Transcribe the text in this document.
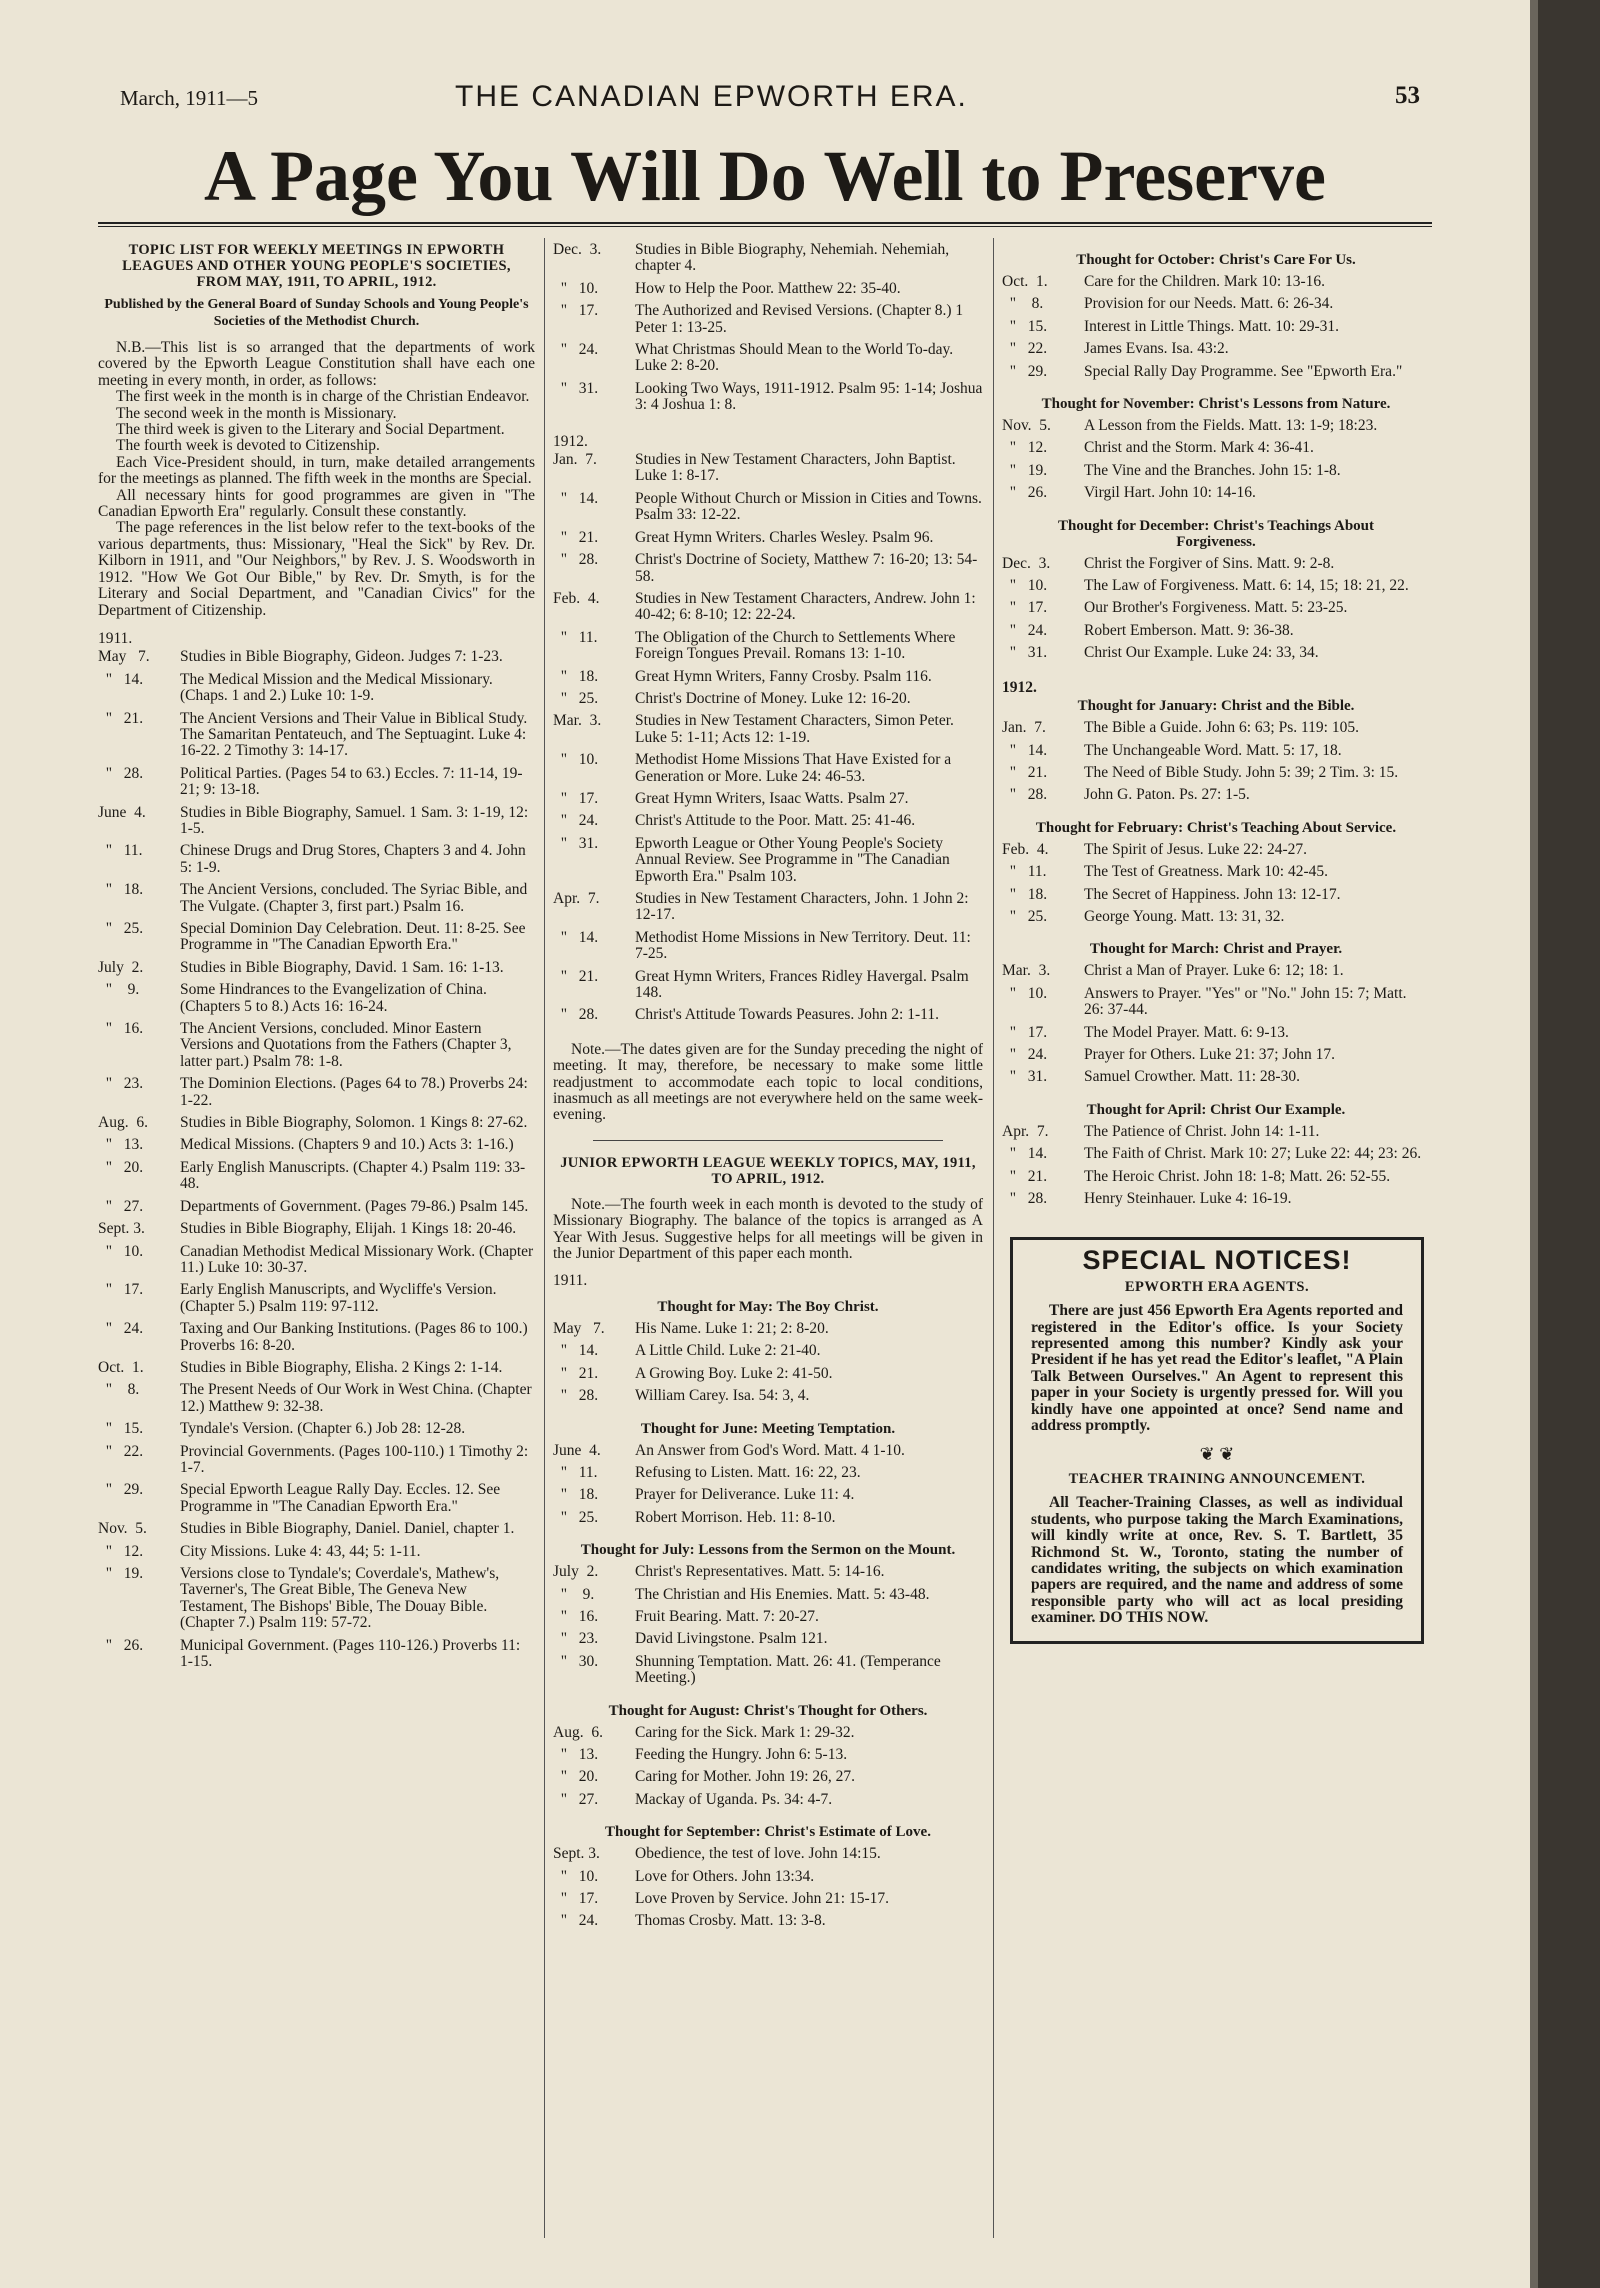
March, 1911—5	THE CANADIAN EPWORTH ERA.	53
A Page You Will Do Well to Preserve
TOPIC LIST FOR WEEKLY MEETINGS IN EPWORTH LEAGUES AND OTHER YOUNG PEOPLE'S SOCIETIES, FROM MAY, 1911, TO APRIL, 1912.
Published by the General Board of Sunday Schools and Young People's Societies of the Methodist Church.

N.B.—This list is so arranged that the departments of work covered by the Epworth League Constitution shall have each one meeting in every month, in order, as follows:

The first week in the month is in charge of the Christian Endeavor.

The second week in the month is Missionary.

The third week is given to the Literary and Social Department.

The fourth week is devoted to Citizenship.

Each Vice-President should, in turn, make detailed arrangements for the meetings as planned. The fifth week in the months are Special.

All necessary hints for good programmes are given in "The Canadian Epworth Era" regularly. Consult these constantly.

The page references in the list below refer to the text-books of the various departments, thus: Missionary, "Heal the Sick" by Rev. Dr. Kilborn in 1911, and "Our Neighbors," by Rev. J. S. Woodsworth in 1912. "How We Got Our Bible," by Rev. Dr. Smyth, is for the Literary and Social Department, and "Canadian Civics" for the Department of Citizenship.

1911.
May   7.	Studies in Bible Biography, Gideon. Judges 7: 1-23.
"   14.	The Medical Mission and the Medical Missionary. (Chaps. 1 and 2.) Luke 10: 1-9.
"   21.	The Ancient Versions and Their Value in Biblical Study. The Samaritan Pentateuch, and The Septuagint. Luke 4: 16-22. 2 Timothy 3: 14-17.
"   28.	Political Parties. (Pages 54 to 63.) Eccles. 7: 11-14, 19-21; 9: 13-18.
June  4.	Studies in Bible Biography, Samuel. 1 Sam. 3: 1-19, 12: 1-5.
"   11.	Chinese Drugs and Drug Stores, Chapters 3 and 4. John 5: 1-9.
"   18.	The Ancient Versions, concluded. The Syriac Bible, and The Vulgate. (Chapter 3, first part.) Psalm 16.
"   25.	Special Dominion Day Celebration. Deut. 11: 8-25. See Programme in "The Canadian Epworth Era."
July  2.	Studies in Bible Biography, David. 1 Sam. 16: 1-13.
"    9.	Some Hindrances to the Evangelization of China. (Chapters 5 to 8.) Acts 16: 16-24.
"   16.	The Ancient Versions, concluded. Minor Eastern Versions and Quotations from the Fathers (Chapter 3, latter part.) Psalm 78: 1-8.
"   23.	The Dominion Elections. (Pages 64 to 78.) Proverbs 24: 1-22.
Aug.  6.	Studies in Bible Biography, Solomon. 1 Kings 8: 27-62.
"   13.	Medical Missions. (Chapters 9 and 10.) Acts 3: 1-16.)
"   20.	Early English Manuscripts. (Chapter 4.) Psalm 119: 33-48.
"   27.	Departments of Government. (Pages 79-86.) Psalm 145.
Sept. 3.	Studies in Bible Biography, Elijah. 1 Kings 18: 20-46.
"   10.	Canadian Methodist Medical Missionary Work. (Chapter 11.) Luke 10: 30-37.
"   17.	Early English Manuscripts, and Wycliffe's Version. (Chapter 5.) Psalm 119: 97-112.
"   24.	Taxing and Our Banking Institutions. (Pages 86 to 100.) Proverbs 16: 8-20.
Oct.  1.	Studies in Bible Biography, Elisha. 2 Kings 2: 1-14.
"    8.	The Present Needs of Our Work in West China. (Chapter 12.) Matthew 9: 32-38.
"   15.	Tyndale's Version. (Chapter 6.) Job 28: 12-28.
"   22.	Provincial Governments. (Pages 100-110.) 1 Timothy 2: 1-7.
"   29.	Special Epworth League Rally Day. Eccles. 12. See Programme in "The Canadian Epworth Era."
Nov.  5.	Studies in Bible Biography, Daniel. Daniel, chapter 1.
"   12.	City Missions. Luke 4: 43, 44; 5: 1-11.
"   19.	Versions close to Tyndale's; Coverdale's, Mathew's, Taverner's, The Great Bible, The Geneva New Testament, The Bishops' Bible, The Douay Bible. (Chapter 7.) Psalm 119: 57-72.
"   26.	Municipal Government. (Pages 110-126.) Proverbs 11: 1-15.
Dec.  3.	Studies in Bible Biography, Nehemiah. Nehemiah, chapter 4.
"   10.	How to Help the Poor. Matthew 22: 35-40.
"   17.	The Authorized and Revised Versions. (Chapter 8.) 1 Peter 1: 13-25.
"   24.	What Christmas Should Mean to the World To-day. Luke 2: 8-20.
"   31.	Looking Two Ways, 1911-1912. Psalm 95: 1-14; Joshua 3: 4 Joshua 1: 8.
1912.
Jan.  7.	Studies in New Testament Characters, John Baptist. Luke 1: 8-17.
"   14.	People Without Church or Mission in Cities and Towns. Psalm 33: 12-22.
"   21.	Great Hymn Writers. Charles Wesley. Psalm 96.
"   28.	Christ's Doctrine of Society, Matthew 7: 16-20; 13: 54-58.
Feb.  4.	Studies in New Testament Characters, Andrew. John 1: 40-42; 6: 8-10; 12: 22-24.
"   11.	The Obligation of the Church to Settlements Where Foreign Tongues Prevail. Romans 13: 1-10.
"   18.	Great Hymn Writers, Fanny Crosby. Psalm 116.
"   25.	Christ's Doctrine of Money. Luke 12: 16-20.
Mar.  3.	Studies in New Testament Characters, Simon Peter. Luke 5: 1-11; Acts 12: 1-19.
"   10.	Methodist Home Missions That Have Existed for a Generation or More. Luke 24: 46-53.
"   17.	Great Hymn Writers, Isaac Watts. Psalm 27.
"   24.	Christ's Attitude to the Poor. Matt. 25: 41-46.
"   31.	Epworth League or Other Young People's Society Annual Review. See Programme in "The Canadian Epworth Era." Psalm 103.
Apr.  7.	Studies in New Testament Characters, John. 1 John 2: 12-17.
"   14.	Methodist Home Missions in New Territory. Deut. 11: 7-25.
"   21.	Great Hymn Writers, Frances Ridley Havergal. Psalm 148.
"   28.	Christ's Attitude Towards Peasures. John 2: 1-11.

Note.—The dates given are for the Sunday preceding the night of meeting. It may, therefore, be necessary to make some little readjustment to accommodate each topic to local conditions, inasmuch as all meetings are not everywhere held on the same week-evening.

JUNIOR EPWORTH LEAGUE WEEKLY TOPICS, MAY, 1911, TO APRIL, 1912.

Note.—The fourth week in each month is devoted to the study of Missionary Biography. The balance of the topics is arranged as A Year With Jesus. Suggestive helps for all meetings will be given in the Junior Department of this paper each month.

1911.
Thought for May: The Boy Christ.
May   7.	His Name. Luke 1: 21; 2: 8-20.
"   14.	A Little Child. Luke 2: 21-40.
"   21.	A Growing Boy. Luke 2: 41-50.
"   28.	William Carey. Isa. 54: 3, 4.
Thought for June: Meeting Temptation.
June  4.	An Answer from God's Word. Matt. 4 1-10.
"   11.	Refusing to Listen. Matt. 16: 22, 23.
"   18.	Prayer for Deliverance. Luke 11: 4.
"   25.	Robert Morrison. Heb. 11: 8-10.
Thought for July: Lessons from the Sermon on the Mount.
July  2.	Christ's Representatives. Matt. 5: 14-16.
"    9.	The Christian and His Enemies. Matt. 5: 43-48.
"   16.	Fruit Bearing. Matt. 7: 20-27.
"   23.	David Livingstone. Psalm 121.
"   30.	Shunning Temptation. Matt. 26: 41. (Temperance Meeting.)
Thought for August: Christ's Thought for Others.
Aug.  6.	Caring for the Sick. Mark 1: 29-32.
"   13.	Feeding the Hungry. John 6: 5-13.
"   20.	Caring for Mother. John 19: 26, 27.
"   27.	Mackay of Uganda. Ps. 34: 4-7.
Thought for September: Christ's Estimate of Love.
Sept. 3.	Obedience, the test of love. John 14:15.
"   10.	Love for Others. John 13:34.
"   17.	Love Proven by Service. John 21: 15-17.
"   24.	Thomas Crosby. Matt. 13: 3-8.
Thought for October: Christ's Care For Us.
Oct.  1.	Care for the Children. Mark 10: 13-16.
"    8.	Provision for our Needs. Matt. 6: 26-34.
"   15.	Interest in Little Things. Matt. 10: 29-31.
"   22.	James Evans. Isa. 43:2.
"   29.	Special Rally Day Programme. See "Epworth Era."
Thought for November: Christ's Lessons from Nature.
Nov.  5.	A Lesson from the Fields. Matt. 13: 1-9; 18:23.
"   12.	Christ and the Storm. Mark 4: 36-41.
"   19.	The Vine and the Branches. John 15: 1-8.
"   26.	Virgil Hart. John 10: 14-16.
Thought for December: Christ's Teachings About Forgiveness.
Dec.  3.	Christ the Forgiver of Sins. Matt. 9: 2-8.
"   10.	The Law of Forgiveness. Matt. 6: 14, 15; 18: 21, 22.
"   17.	Our Brother's Forgiveness. Matt. 5: 23-25.
"   24.	Robert Emberson. Matt. 9: 36-38.
"   31.	Christ Our Example. Luke 24: 33, 34.
1912.
Thought for January: Christ and the Bible.
Jan.  7.	The Bible a Guide. John 6: 63; Ps. 119: 105.
"   14.	The Unchangeable Word. Matt. 5: 17, 18.
"   21.	The Need of Bible Study. John 5: 39; 2 Tim. 3: 15.
"   28.	John G. Paton. Ps. 27: 1-5.
Thought for February: Christ's Teaching About Service.
Feb.  4.	The Spirit of Jesus. Luke 22: 24-27.
"   11.	The Test of Greatness. Mark 10: 42-45.
"   18.	The Secret of Happiness. John 13: 12-17.
"   25.	George Young. Matt. 13: 31, 32.
Thought for March: Christ and Prayer.
Mar.  3.	Christ a Man of Prayer. Luke 6: 12; 18: 1.
"   10.	Answers to Prayer. "Yes" or "No." John 15: 7; Matt. 26: 37-44.
"   17.	The Model Prayer. Matt. 6: 9-13.
"   24.	Prayer for Others. Luke 21: 37; John 17.
"   31.	Samuel Crowther. Matt. 11: 28-30.
Thought for April: Christ Our Example.
Apr.  7.	The Patience of Christ. John 14: 1-11.
"   14.	The Faith of Christ. Mark 10: 27; Luke 22: 44; 23: 26.
"   21.	The Heroic Christ. John 18: 1-8; Matt. 26: 52-55.
"   28.	Henry Steinhauer. Luke 4: 16-19.
SPECIAL NOTICES!
EPWORTH ERA AGENTS.

There are just 456 Epworth Era Agents reported and registered in the Editor's office. Is your Society represented among this number? Kindly ask your President if he has yet read the Editor's leaflet, "A Plain Talk Between Ourselves." An Agent to represent this paper in your Society is urgently pressed for. Will you kindly have one appointed at once? Send name and address promptly.

❦ ❦
TEACHER TRAINING ANNOUNCEMENT.

All Teacher-Training Classes, as well as individual students, who purpose taking the March Examinations, will kindly write at once, Rev. S. T. Bartlett, 35 Richmond St. W., Toronto, stating the number of candidates writing, the subjects on which examination papers are required, and the name and address of some responsible party who will act as local presiding examiner. DO THIS NOW.
